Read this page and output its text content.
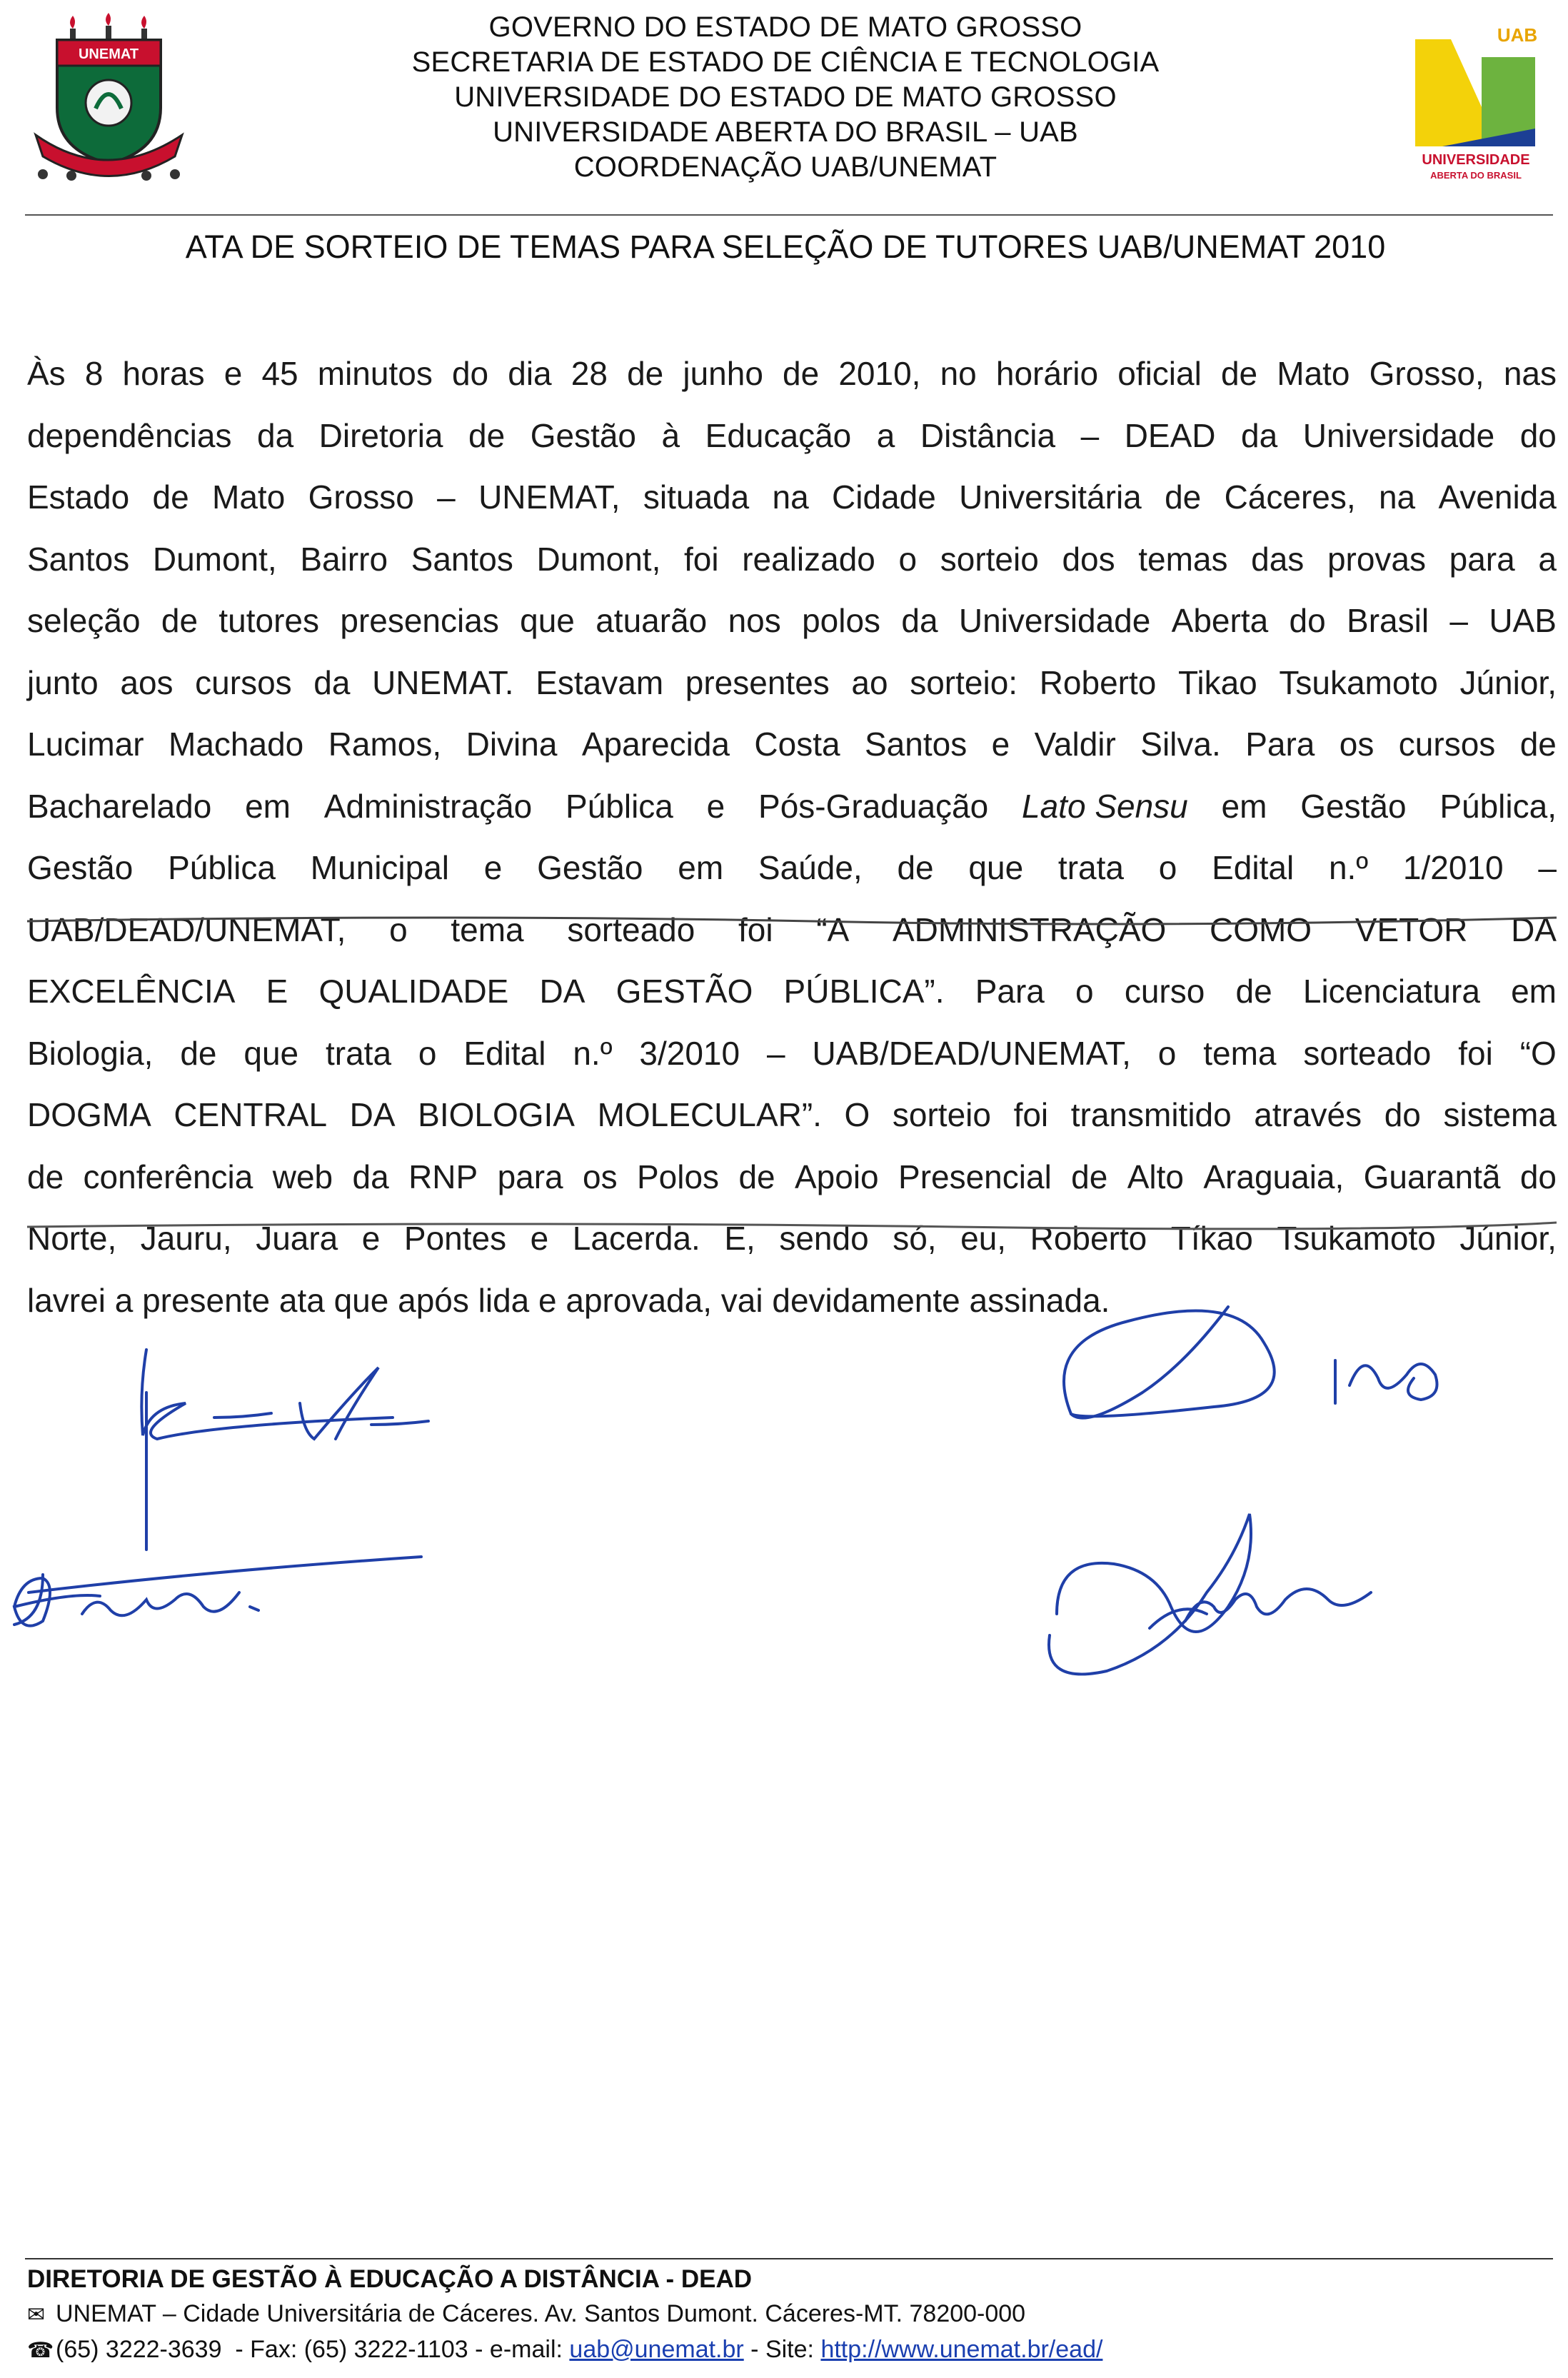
UNEMAT
GOVERNO DO ESTADO DE MATO GROSSO
SECRETARIA DE ESTADO DE CIÊNCIA E TECNOLOGIA
UNIVERSIDADE DO ESTADO DE MATO GROSSO
UNIVERSIDADE ABERTA DO BRASIL – UAB
COORDENAÇÃO UAB/UNEMAT
UAB
UNIVERSIDADE
ABERTA DO BRASIL
ATA DE SORTEIO DE TEMAS PARA SELEÇÃO DE TUTORES UAB/UNEMAT 2010
Às 8 horas e 45 minutos do dia 28 de junho de 2010, no horário oficial de Mato Grosso, nas
dependências da Diretoria de Gestão à Educação a Distância – DEAD da Universidade do
Estado de Mato Grosso – UNEMAT, situada na Cidade Universitária de Cáceres, na Avenida
Santos Dumont, Bairro Santos Dumont, foi realizado o sorteio dos temas das provas para a
seleção de tutores presencias que atuarão nos polos da Universidade Aberta do Brasil – UAB
junto aos cursos da UNEMAT. Estavam presentes ao sorteio: Roberto Tikao Tsukamoto Júnior,
Lucimar Machado Ramos, Divina Aparecida Costa Santos e Valdir Silva. Para os cursos de
Bacharelado em Administração Pública e Pós-Graduação Lato Sensu em Gestão Pública,
Gestão Pública Municipal e Gestão em Saúde, de que trata o Edital n.º 1/2010 –
UAB/DEAD/UNEMAT, o tema sorteado foi “A ADMINISTRAÇÃO COMO VETOR DA
EXCELÊNCIA E QUALIDADE DA GESTÃO PÚBLICA”. Para o curso de Licenciatura em
Biologia, de que trata o Edital n.º 3/2010 – UAB/DEAD/UNEMAT, o tema sorteado foi “O
DOGMA CENTRAL DA BIOLOGIA MOLECULAR”. O sorteio foi transmitido através do sistema
de conferência web da RNP para os Polos de Apoio Presencial de Alto Araguaia, Guarantã do
Norte, Jauru, Juara e Pontes e Lacerda. E, sendo só, eu, Roberto Tíkao Tsukamoto Júnior,
lavrei a presente ata que após lida e aprovada, vai devidamente assinada.
DIRETORIA DE GESTÃO À EDUCAÇÃO A DISTÂNCIA - DEAD
✉ UNEMAT – Cidade Universitária de Cáceres. Av. Santos Dumont. Cáceres-MT. 78200-000
☎(65) 3222-3639  - Fax: (65) 3222-1103 - e-mail: uab@unemat.br - Site: http://www.unemat.br/ead/
